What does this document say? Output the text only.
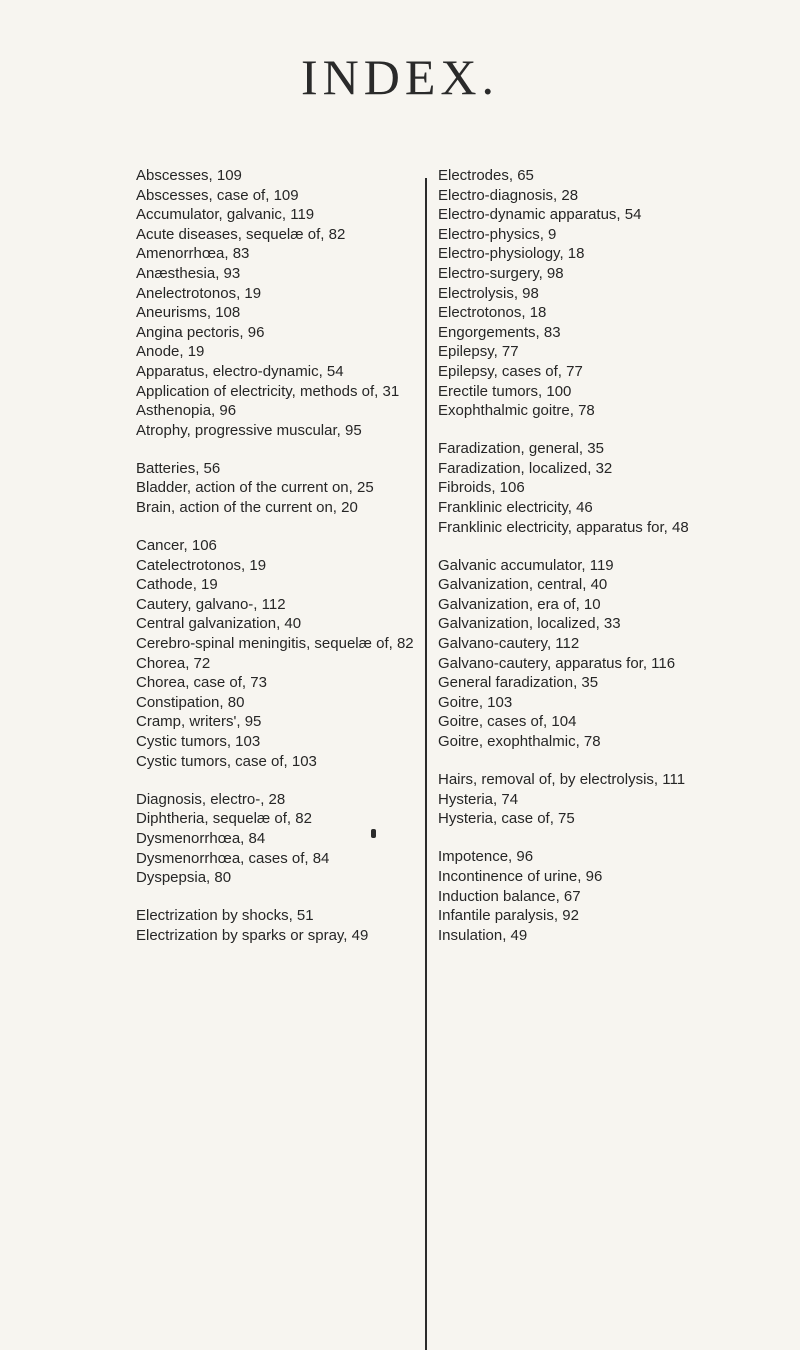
INDEX.
Abscesses, 109
Abscesses, case of, 109
Accumulator, galvanic, 119
Acute diseases, sequelæ of, 82
Amenorrhœa, 83
Anæsthesia, 93
Anelectrotonos, 19
Aneurisms, 108
Angina pectoris, 96
Anode, 19
Apparatus, electro-dynamic, 54
Application of electricity, methods of, 31
Asthenopia, 96
Atrophy, progressive muscular, 95
Batteries, 56
Bladder, action of the current on, 25
Brain, action of the current on, 20
Cancer, 106
Catelectrotonos, 19
Cathode, 19
Cautery, galvano-, 112
Central galvanization, 40
Cerebro-spinal meningitis, sequelæ of, 82
Chorea, 72
Chorea, case of, 73
Constipation, 80
Cramp, writers', 95
Cystic tumors, 103
Cystic tumors, case of, 103
Diagnosis, electro-, 28
Diphtheria, sequelæ of, 82
Dysmenorrhœa, 84
Dysmenorrhœa, cases of, 84
Dyspepsia, 80
Electrization by shocks, 51
Electrization by sparks or spray, 49
Electrodes, 65
Electro-diagnosis, 28
Electro-dynamic apparatus, 54
Electro-physics, 9
Electro-physiology, 18
Electro-surgery, 98
Electrolysis, 98
Electrotonos, 18
Engorgements, 83
Epilepsy, 77
Epilepsy, cases of, 77
Erectile tumors, 100
Exophthalmic goitre, 78
Faradization, general, 35
Faradization, localized, 32
Fibroids, 106
Franklinic electricity, 46
Franklinic electricity, apparatus for, 48
Galvanic accumulator, 119
Galvanization, central, 40
Galvanization, era of, 10
Galvanization, localized, 33
Galvano-cautery, 112
Galvano-cautery, apparatus for, 116
General faradization, 35
Goitre, 103
Goitre, cases of, 104
Goitre, exophthalmic, 78
Hairs, removal of, by electrolysis, 111
Hysteria, 74
Hysteria, case of, 75
Impotence, 96
Incontinence of urine, 96
Induction balance, 67
Infantile paralysis, 92
Insulation, 49
